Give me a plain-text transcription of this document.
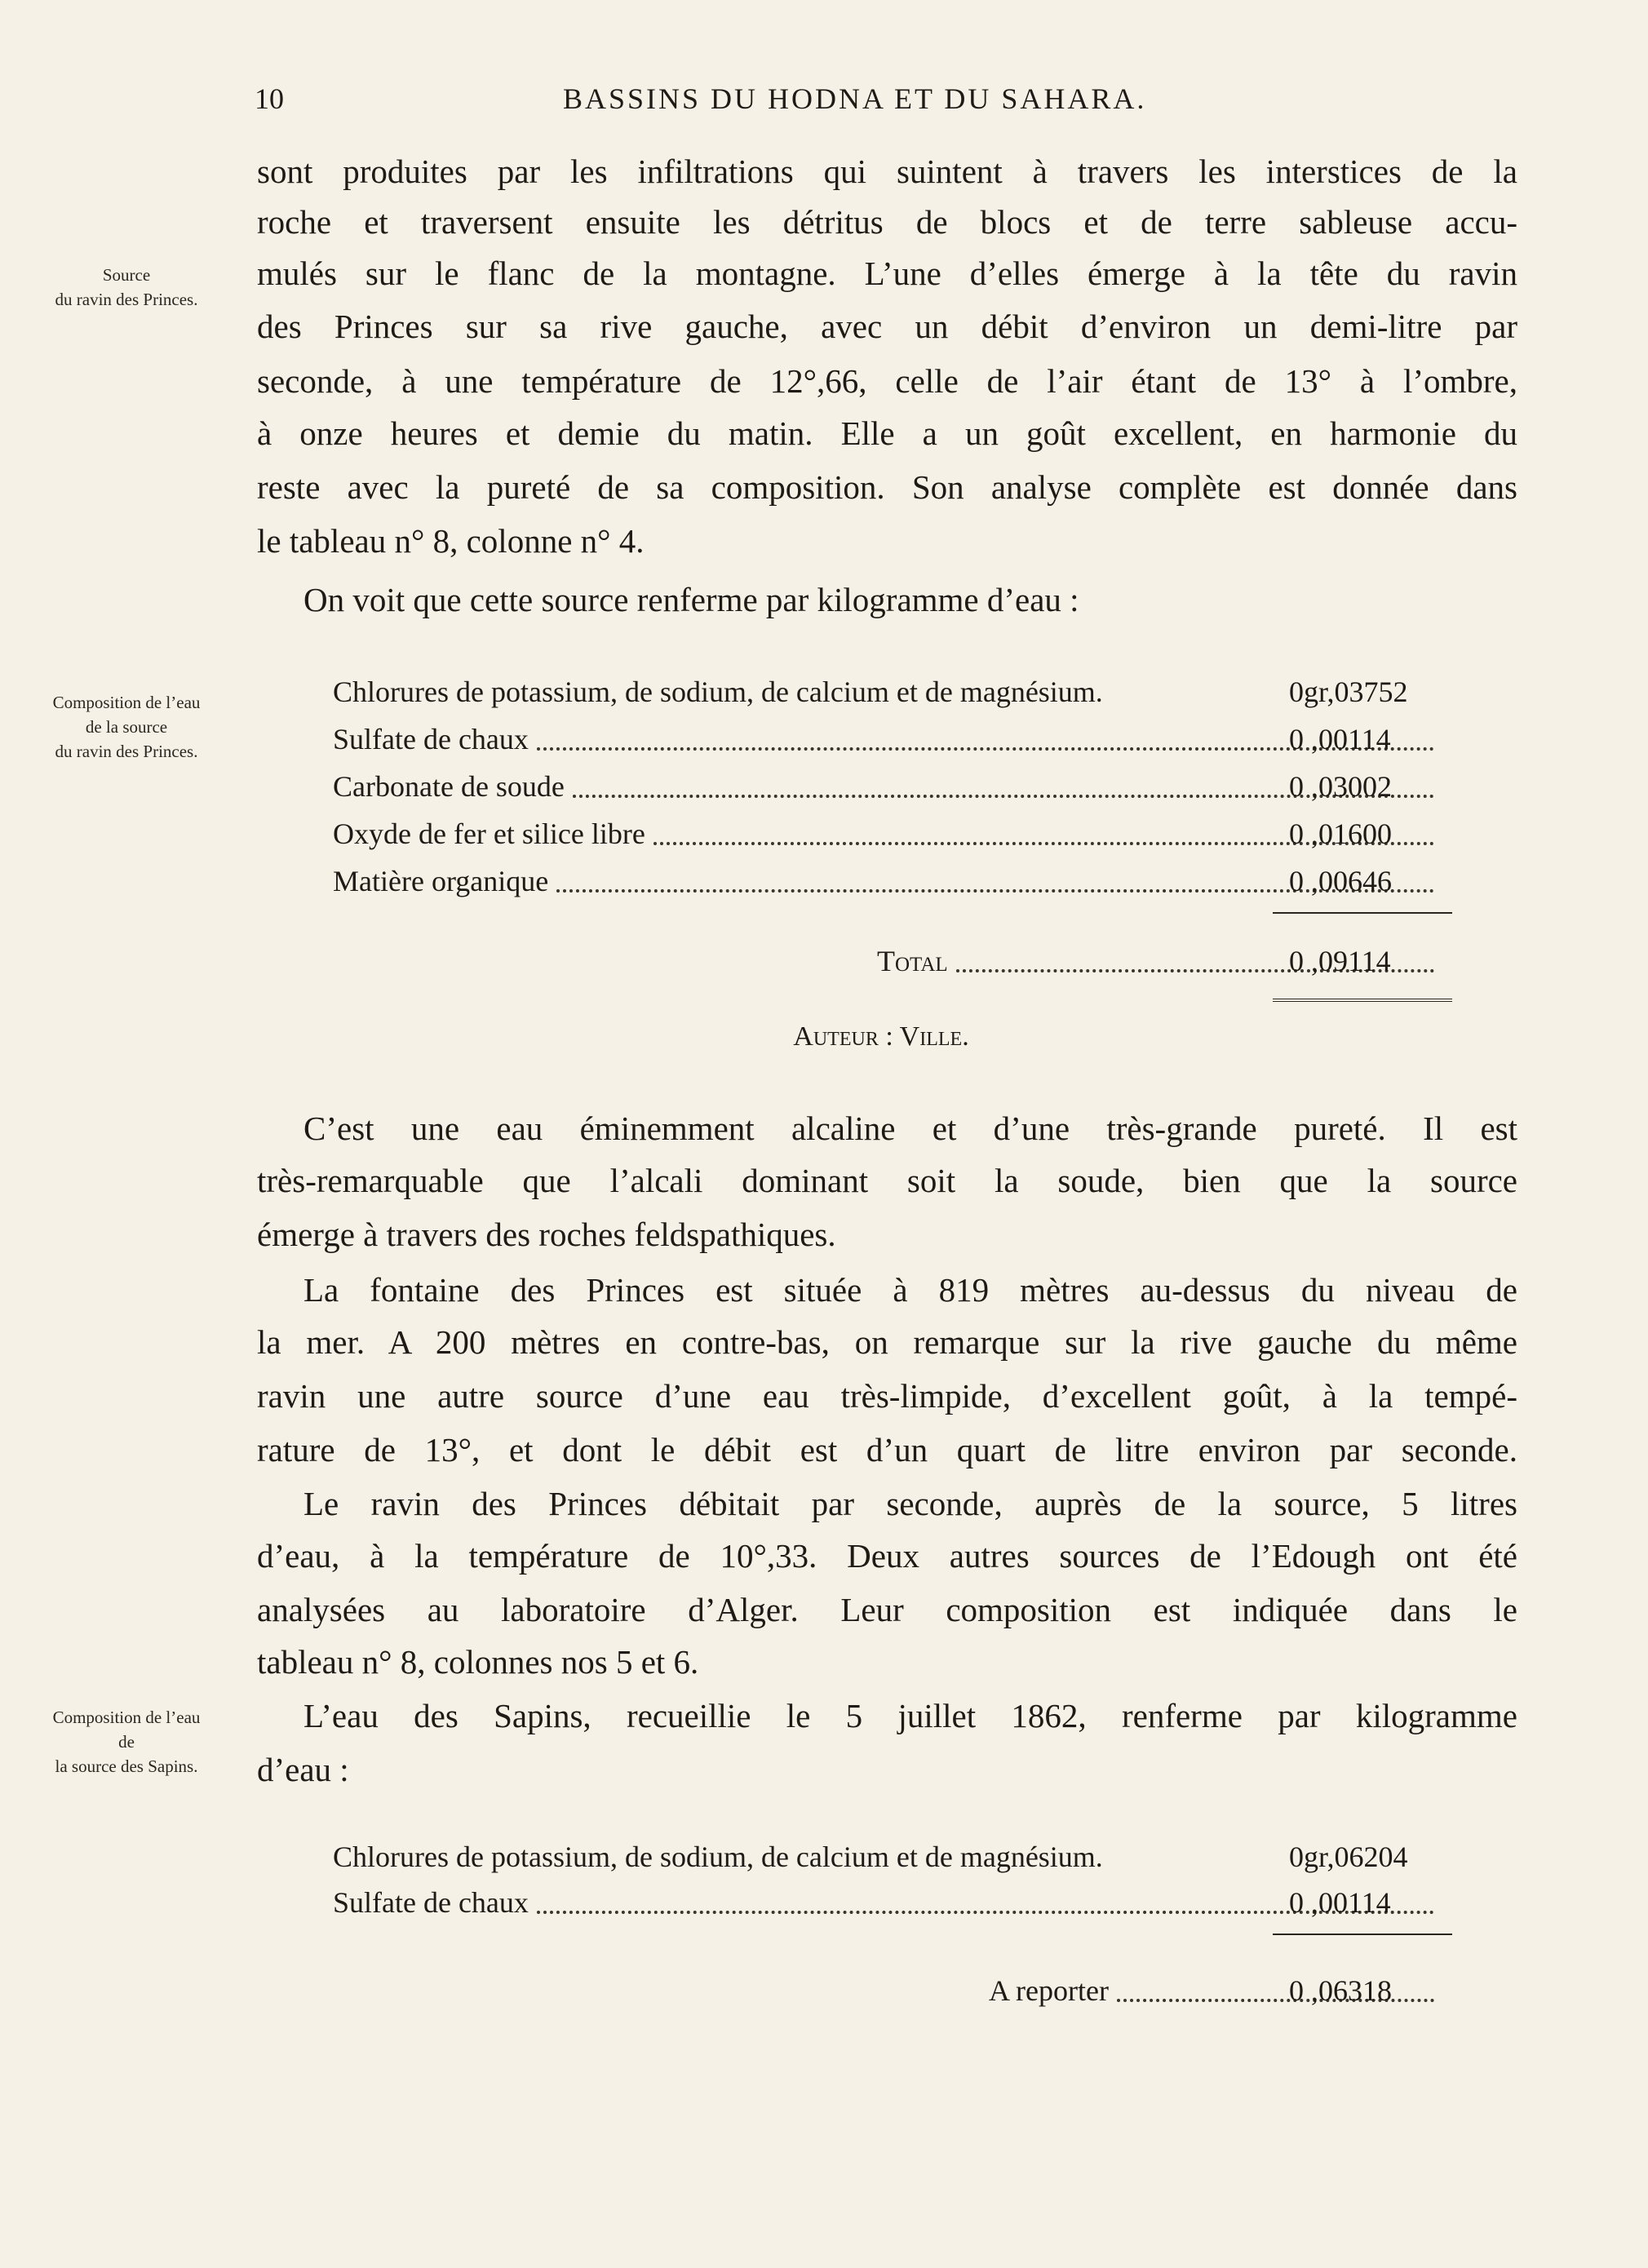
10	BASSINS DU HODNA ET DU SAHARA.
Source
du ravin des Princes.
Composition de l’eau
de la source
du ravin des Princes.
Composition de l’eau
de
la source des Sapins.
sont produites par les infiltrations qui suintent à travers les interstices de la
roche et traversent ensuite les détritus de blocs et de terre sableuse accu-
mulés sur le flanc de la montagne. L’une d’elles émerge à la tête du ravin
des Princes sur sa rive gauche, avec un débit d’environ un demi-litre par
seconde, à une température de 12°,66, celle de l’air étant de 13° à l’ombre,
à onze heures et demie du matin. Elle a un goût excellent, en harmonie du
reste avec la pureté de sa composition. Son analyse complète est donnée dans
le tableau n° 8, colonne n° 4.
On voit que cette source renferme par kilogramme d’eau :
Chlorures de potassium, de sodium, de calcium et de magnésium.	0gr,03752
Sulfate de chaux	0 ,00114
Carbonate de soude	0 ,03002
Oxyde de fer et silice libre	0 ,01600
Matière organique	0 ,00646
Total	0 ,09114
Auteur : Ville.
C’est une eau éminemment alcaline et d’une très-grande pureté. Il est
très-remarquable que l’alcali dominant soit la soude, bien que la source
émerge à travers des roches feldspathiques.
La fontaine des Princes est située à 819 mètres au-dessus du niveau de
la mer. A 200 mètres en contre-bas, on remarque sur la rive gauche du même
ravin une autre source d’une eau très-limpide, d’excellent goût, à la tempé-
rature de 13°, et dont le débit est d’un quart de litre environ par seconde.
Le ravin des Princes débitait par seconde, auprès de la source, 5 litres
d’eau, à la température de 10°,33. Deux autres sources de l’Edough ont été
analysées au laboratoire d’Alger. Leur composition est indiquée dans le
tableau n° 8, colonnes nos 5 et 6.
L’eau des Sapins, recueillie le 5 juillet 1862, renferme par kilogramme
d’eau :
Chlorures de potassium, de sodium, de calcium et de magnésium.	0gr,06204
Sulfate de chaux	0 ,00114
A reporter	0 ,06318
